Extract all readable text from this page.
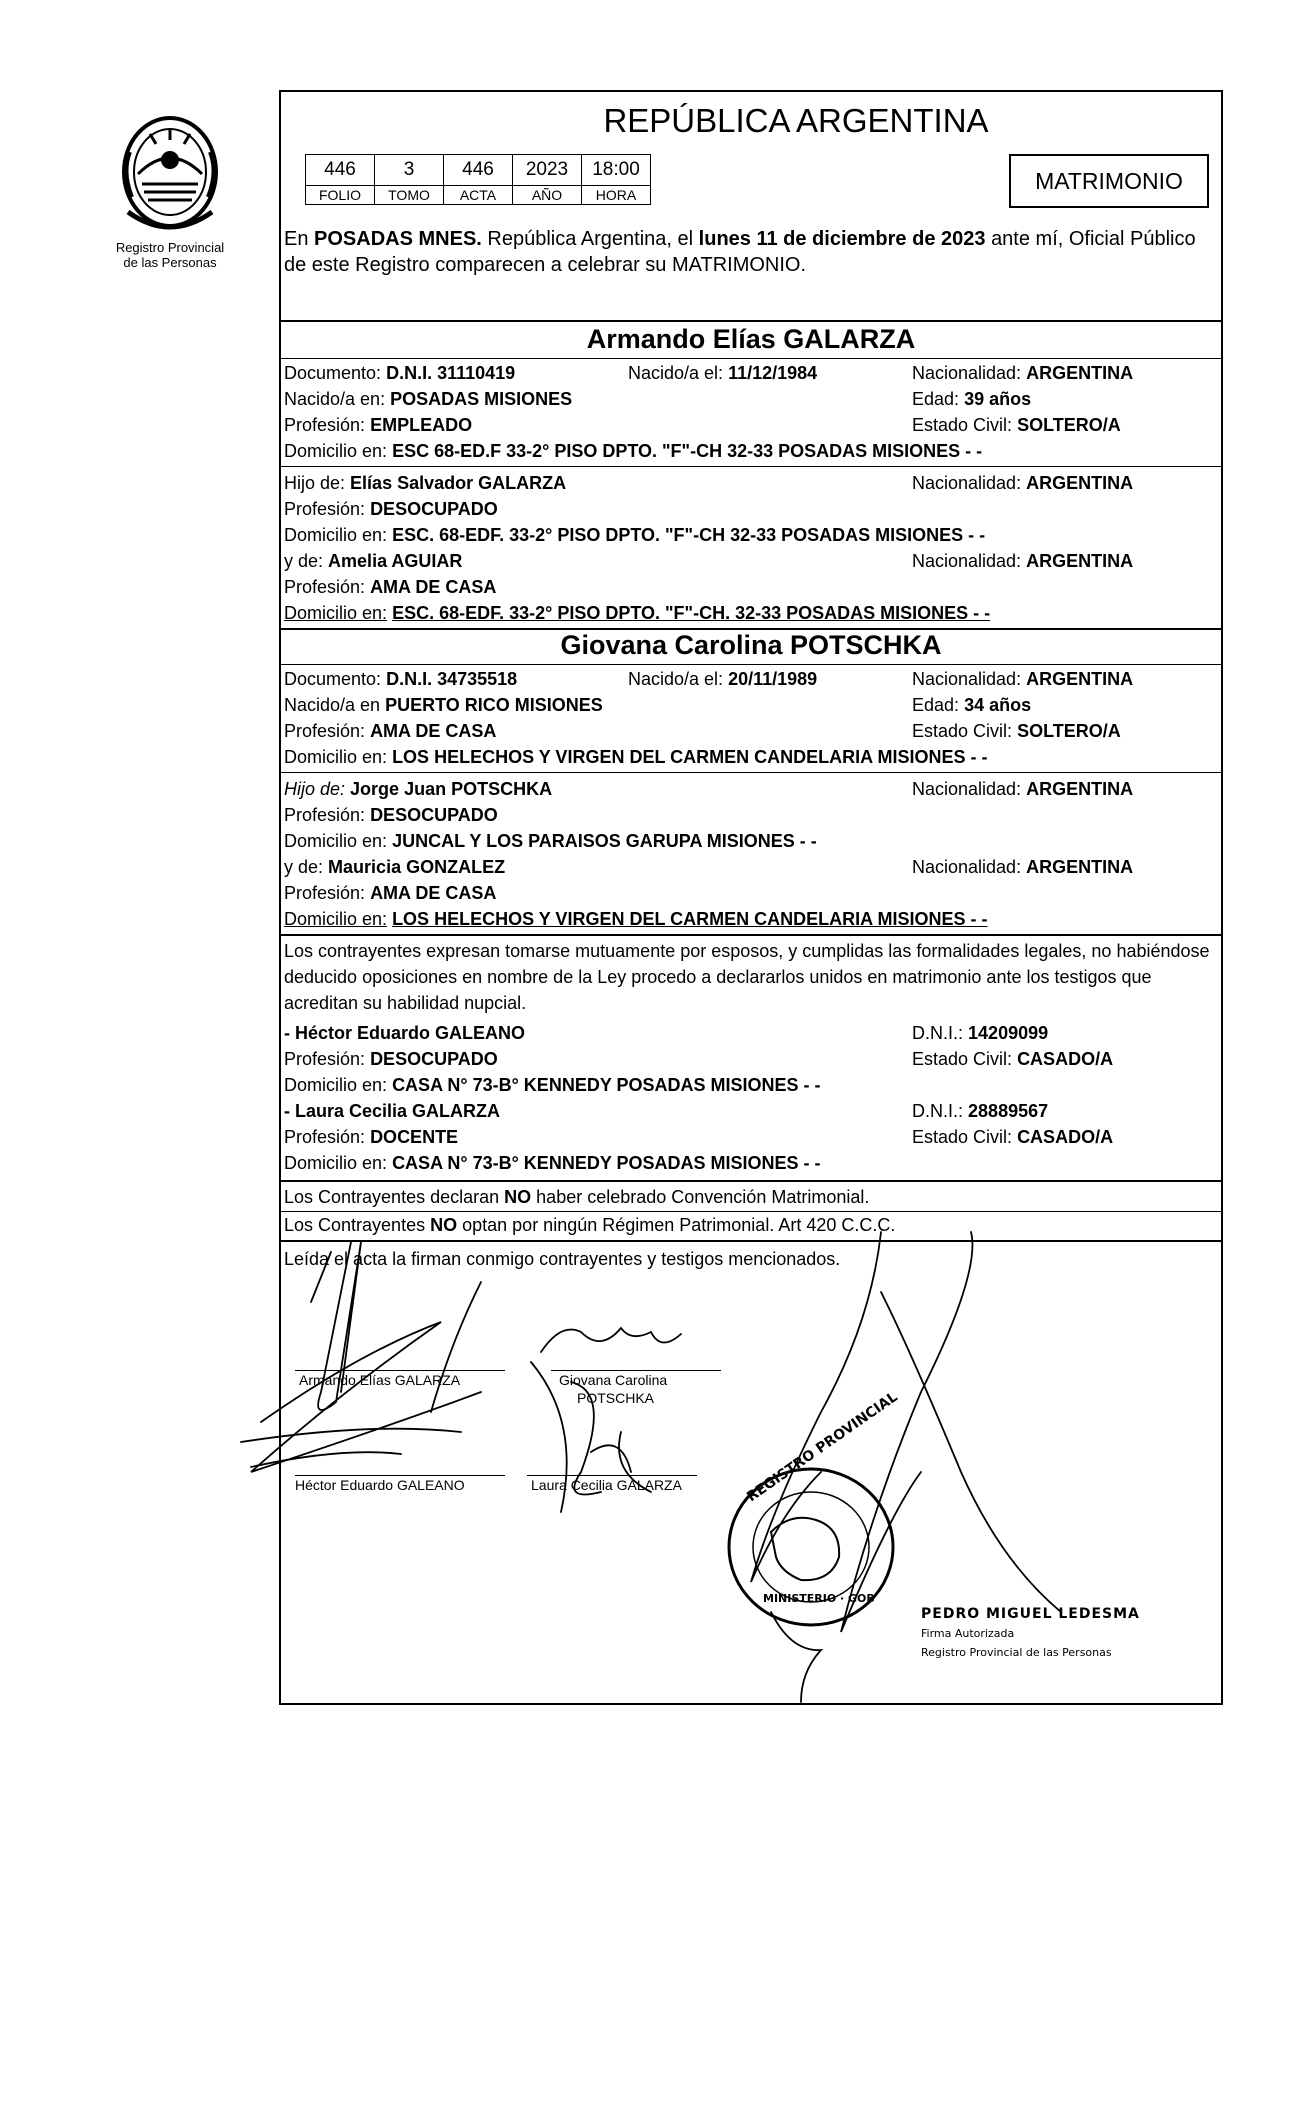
Registro Provincial
de las Personas
REPÚBLICA ARGENTINA
446	3	446	2023	18:00
FOLIO	TOMO	ACTA	AÑO	HORA
MATRIMONIO
En POSADAS MNES. República Argentina, el lunes 11 de diciembre de 2023 ante mí, Oficial Público de este Registro comparecen a celebrar su MATRIMONIO.
Armando Elías GALARZA
Documento: D.N.I. 31110419	Nacido/a el: 11/12/1984	Nacionalidad: ARGENTINA
Nacido/a en: POSADAS MISIONES	Edad: 39 años
Profesión: EMPLEADO	Estado Civil: SOLTERO/A
Domicilio en: ESC 68-ED.F 33-2° PISO DPTO. "F"-CH 32-33 POSADAS MISIONES - -
Hijo de: Elías Salvador GALARZA	Nacionalidad: ARGENTINA
Profesión: DESOCUPADO
Domicilio en: ESC. 68-EDF. 33-2° PISO DPTO. "F"-CH 32-33 POSADAS MISIONES - -
y de: Amelia AGUIAR	Nacionalidad: ARGENTINA
Profesión: AMA DE CASA
Domicilio en: ESC. 68-EDF. 33-2° PISO DPTO. "F"-CH. 32-33 POSADAS MISIONES - -
Giovana Carolina POTSCHKA
Documento: D.N.I. 34735518	Nacido/a el: 20/11/1989	Nacionalidad: ARGENTINA
Nacido/a en PUERTO RICO MISIONES	Edad: 34 años
Profesión: AMA DE CASA	Estado Civil: SOLTERO/A
Domicilio en: LOS HELECHOS Y VIRGEN DEL CARMEN CANDELARIA MISIONES - -
Hijo de: Jorge Juan POTSCHKA	Nacionalidad: ARGENTINA
Profesión: DESOCUPADO
Domicilio en: JUNCAL Y LOS PARAISOS GARUPA MISIONES - -
y de: Mauricia GONZALEZ	Nacionalidad: ARGENTINA
Profesión: AMA DE CASA
Domicilio en: LOS HELECHOS Y VIRGEN DEL CARMEN CANDELARIA MISIONES - -
Los contrayentes expresan tomarse mutuamente por esposos, y cumplidas las formalidades legales, no habiéndose deducido oposiciones en nombre de la Ley procedo a declararlos unidos en matrimonio ante los testigos que acreditan su habilidad nupcial.
- Héctor Eduardo GALEANO	D.N.I.: 14209099
Profesión: DESOCUPADO	Estado Civil: CASADO/A
Domicilio en: CASA N° 73-B° KENNEDY POSADAS MISIONES - -
- Laura Cecilia GALARZA	D.N.I.: 28889567
Profesión: DOCENTE	Estado Civil: CASADO/A
Domicilio en: CASA N° 73-B° KENNEDY POSADAS MISIONES - -
Los Contrayentes declaran NO haber celebrado Convención Matrimonial.
Los Contrayentes NO optan por ningún Régimen Patrimonial. Art 420 C.C.C.
Leída el acta la firman conmigo contrayentes y testigos mencionados.
Armando Elías GALARZA	Giovana Carolina
POTSCHKA
Héctor Eduardo GALEANO	Laura Cecilia GALARZA	REGISTRO PROVINCIAL
MINISTERIO · GOB
PEDRO MIGUEL LEDESMA
Firma Autorizada
Registro Provincial de las Personas
